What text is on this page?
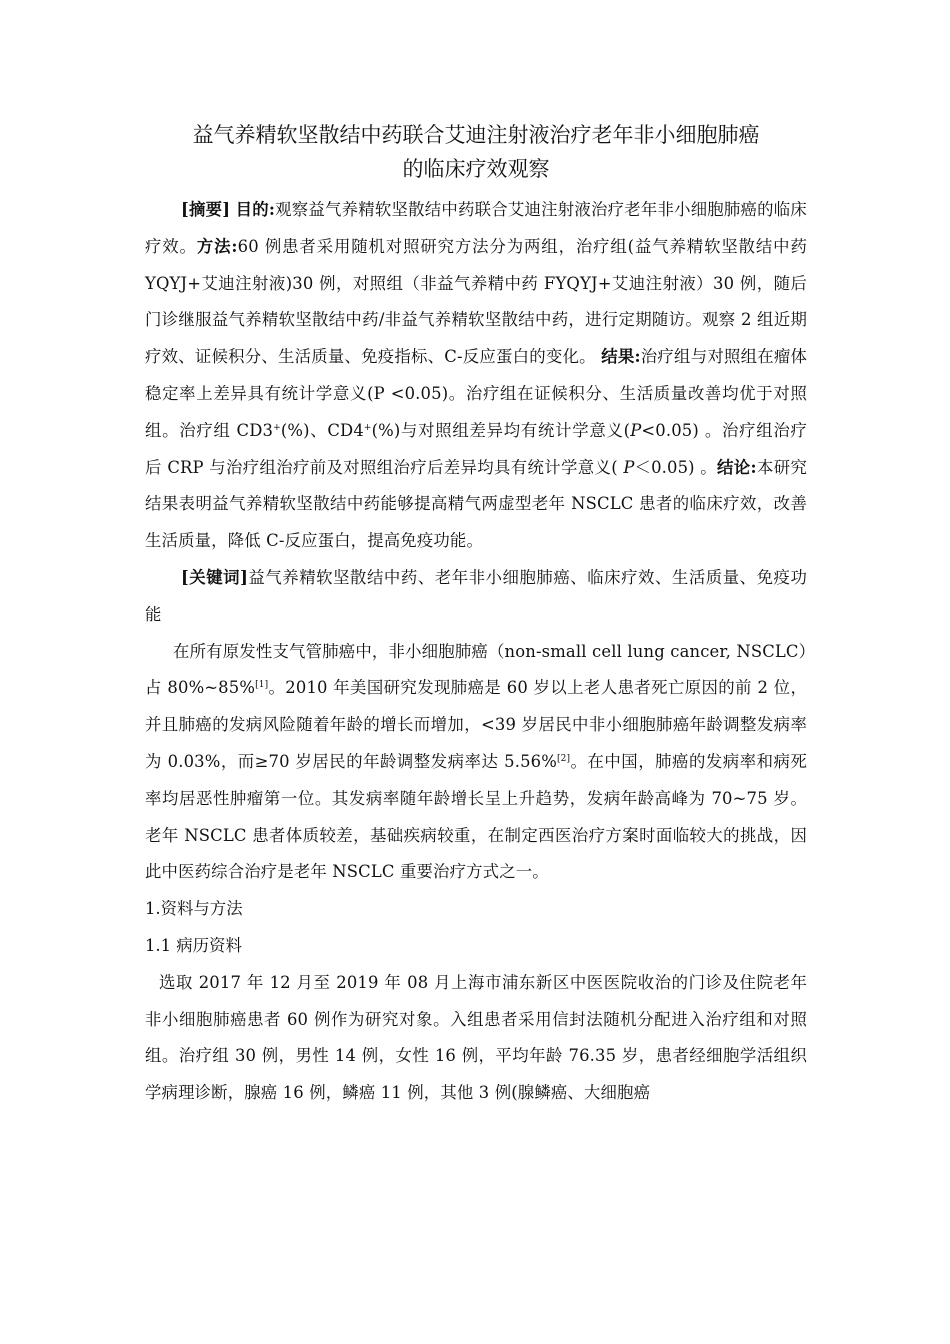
益气养精软坚散结中药联合艾迪注射液治疗老年非小细胞肺癌
的临床疗效观察

[摘要] 目的:观察益气养精软坚散结中药联合艾迪注射液治疗老年非小细胞肺癌的临床疗效。方法:60 例患者采用随机对照研究方法分为两组，治疗组(益气养精软坚散结中药 YQYJ+艾迪注射液)30 例，对照组（非益气养精中药 FYQYJ+艾迪注射液）30 例，随后门诊继服益气养精软坚散结中药/非益气养精软坚散结中药，进行定期随访。观察 2 组近期疗效、证候积分、生活质量、免疫指标、C-反应蛋白的变化。 结果:治疗组与对照组在瘤体稳定率上差异具有统计学意义(P <0.05)。治疗组在证候积分、生活质量改善均优于对照组。治疗组 CD3+(%)、CD4+(%)与对照组差异均有统计学意义(P<0.05) 。治疗组治疗后 CRP 与治疗组治疗前及对照组治疗后差异均具有统计学意义( P＜0.05) 。结论:本研究结果表明益气养精软坚散结中药能够提高精气两虚型老年 NSCLC 患者的临床疗效，改善生活质量，降低 C-反应蛋白，提高免疫功能。

[关键词]益气养精软坚散结中药、老年非小细胞肺癌、临床疗效、生活质量、免疫功能

在所有原发性支气管肺癌中，非小细胞肺癌（non-small cell lung cancer, NSCLC）占 80%~85%[1]。2010 年美国研究发现肺癌是 60 岁以上老人患者死亡原因的前 2 位，并且肺癌的发病风险随着年龄的增长而增加，<39 岁居民中非小细胞肺癌年龄调整发病率为 0.03%，而≥70 岁居民的年龄调整发病率达 5.56%[2]。在中国，肺癌的发病率和病死率均居恶性肿瘤第一位。其发病率随年龄增长呈上升趋势，发病年龄高峰为 70~75 岁。老年 NSCLC 患者体质较差，基础疾病较重，在制定西医治疗方案时面临较大的挑战，因此中医药综合治疗是老年 NSCLC 重要治疗方式之一。

1.资料与方法

1.1 病历资料

选取 2017 年 12 月至 2019 年 08 月上海市浦东新区中医医院收治的门诊及住院老年非小细胞肺癌患者 60 例作为研究对象。入组患者采用信封法随机分配进入治疗组和对照组。治疗组 30 例，男性 14 例，女性 16 例，平均年龄 76.35 岁，患者经细胞学活组织学病理诊断，腺癌 16 例，鳞癌 11 例，其他 3 例(腺鳞癌、大细胞癌
